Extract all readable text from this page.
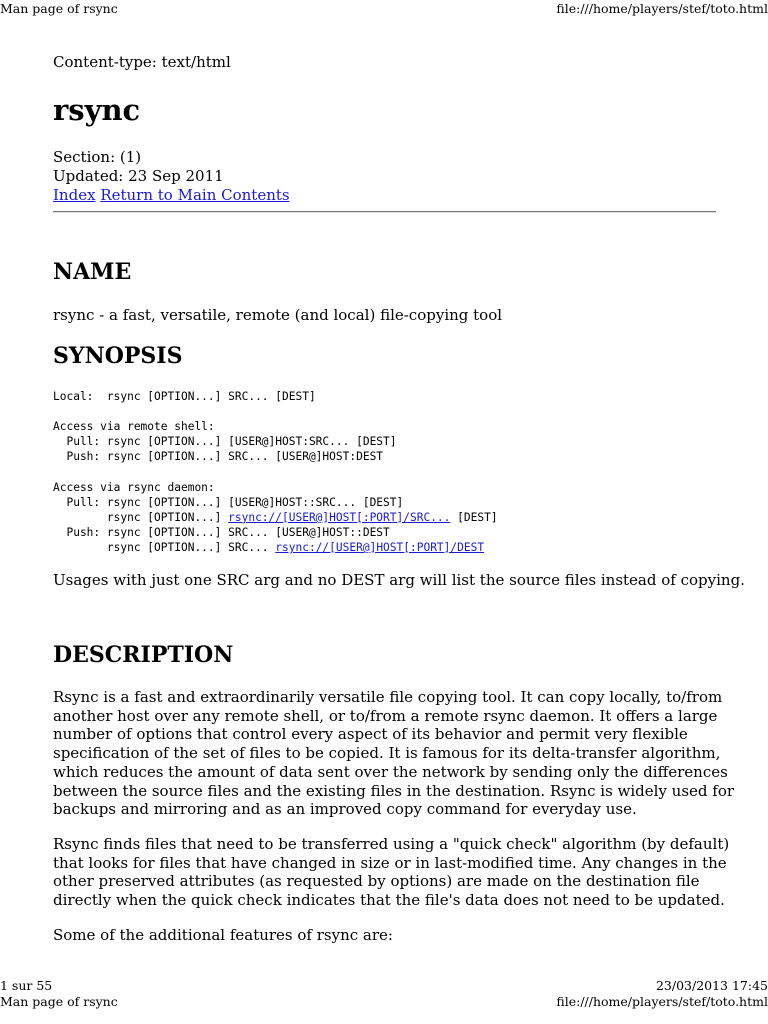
Man page of rsync	file:///home/players/stef/toto.html
Content-type: text/html
rsync
Section: (1)
Updated: 23 Sep 2011
Index Return to Main Contents
NAME
rsync - a fast, versatile, remote (and local) file-copying tool
SYNOPSIS
Local:  rsync [OPTION...] SRC... [DEST]

Access via remote shell:
Pull: rsync [OPTION...] [USER@]HOST:SRC... [DEST]
Push: rsync [OPTION...] SRC... [USER@]HOST:DEST

Access via rsync daemon:
Pull: rsync [OPTION...] [USER@]HOST::SRC... [DEST]
rsync [OPTION...] rsync://[USER@]HOST[:PORT]/SRC... [DEST]
Push: rsync [OPTION...] SRC... [USER@]HOST::DEST
rsync [OPTION...] SRC... rsync://[USER@]HOST[:PORT]/DEST
Usages with just one SRC arg and no DEST arg will list the source files instead of copying.
DESCRIPTION
Rsync is a fast and extraordinarily versatile file copying tool. It can copy locally, to/from
another host over any remote shell, or to/from a remote rsync daemon. It offers a large
number of options that control every aspect of its behavior and permit very flexible
specification of the set of files to be copied. It is famous for its delta-transfer algorithm,
which reduces the amount of data sent over the network by sending only the differences
between the source files and the existing files in the destination. Rsync is widely used for
backups and mirroring and as an improved copy command for everyday use.
Rsync finds files that need to be transferred using a "quick check" algorithm (by default)
that looks for files that have changed in size or in last-modified time. Any changes in the
other preserved attributes (as requested by options) are made on the destination file
directly when the quick check indicates that the file's data does not need to be updated.
Some of the additional features of rsync are:
1 sur 55	23/03/2013 17:45
Man page of rsync	file:///home/players/stef/toto.html
